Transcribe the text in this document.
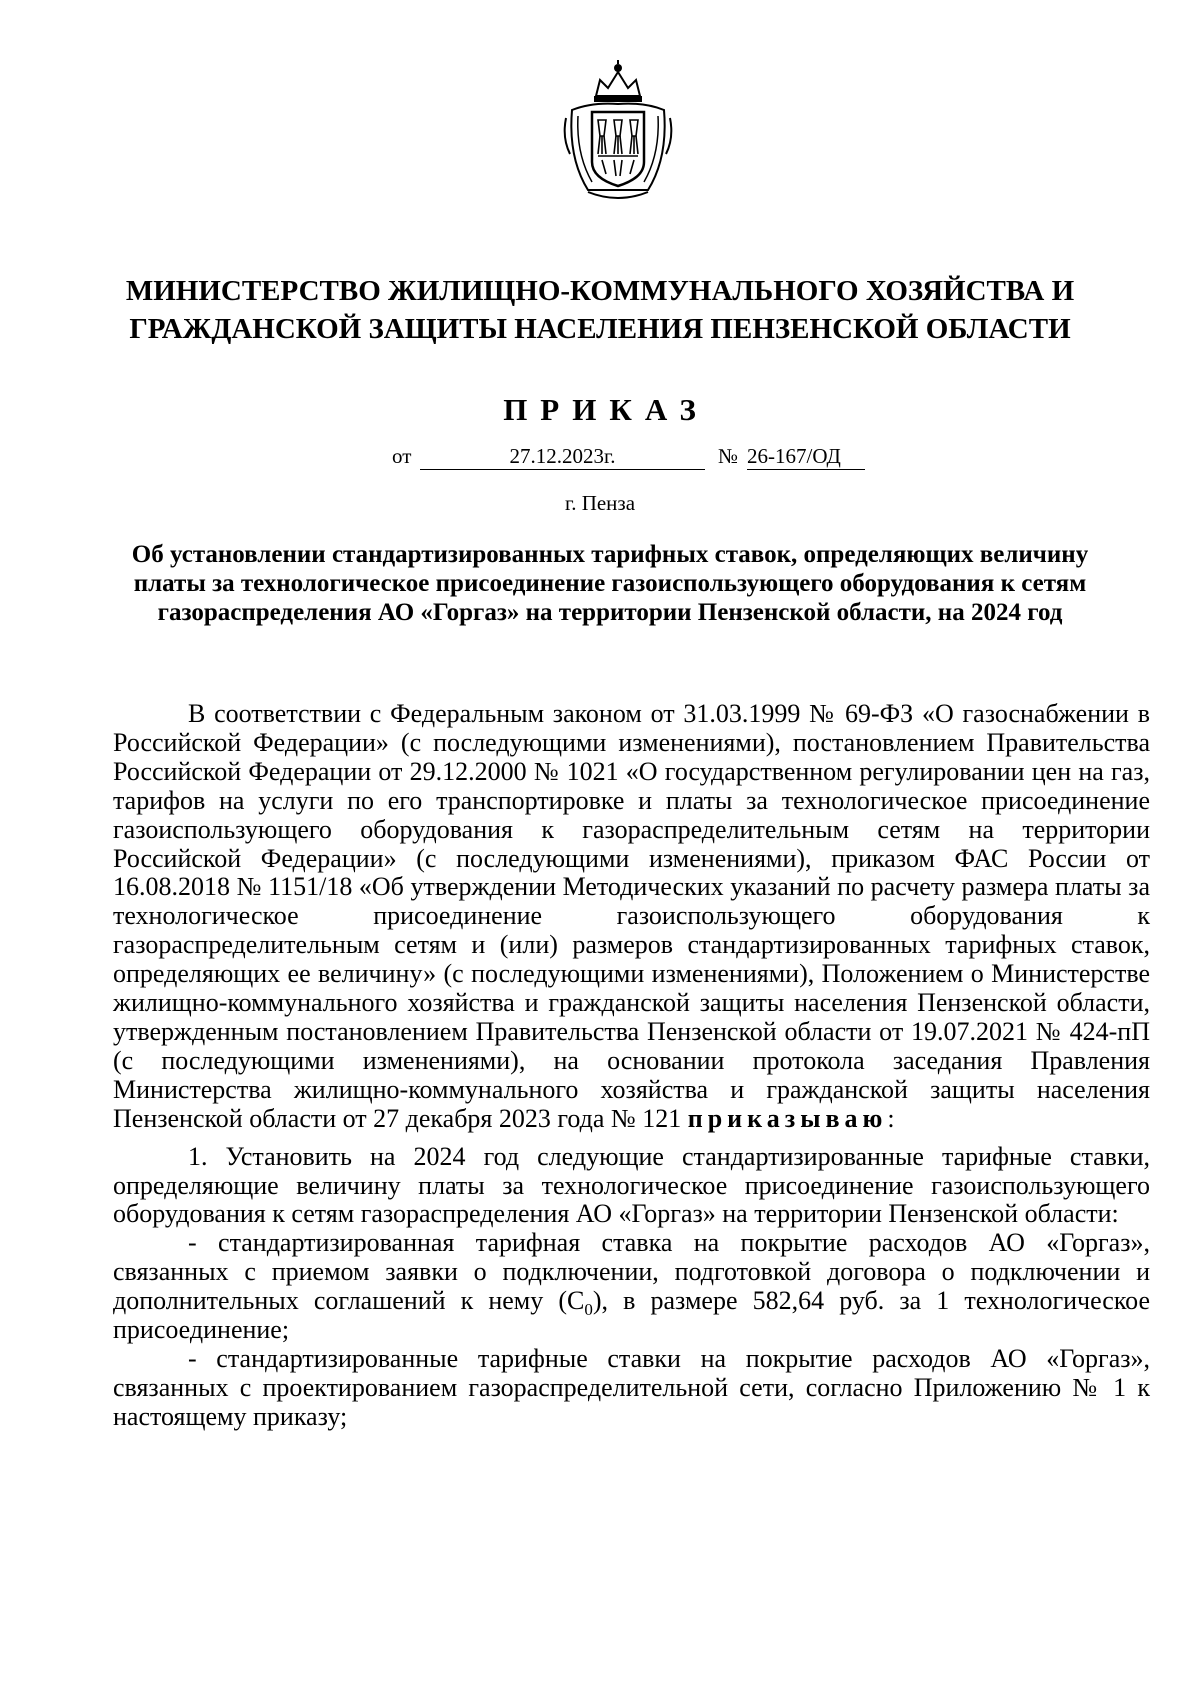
МИНИСТЕРСТВО ЖИЛИЩНО-КОММУНАЛЬНОГО ХОЗЯЙСТВА И
ГРАЖДАНСКОЙ ЗАЩИТЫ НАСЕЛЕНИЯ ПЕНЗЕНСКОЙ ОБЛАСТИ
ПРИКАЗ
от	27.12.2023г.	№ 26-167/ОД
г. Пенза
Об установлении стандартизированных тарифных ставок, определяющих величину платы за технологическое присоединение газоиспользующего оборудования к сетям газораспределения АО «Горгаз» на территории Пензенской области, на 2024 год

В соответствии с Федеральным законом от 31.03.1999 № 69-ФЗ «О газоснабжении в Российской Федерации» (с последующими изменениями), постановлением Правительства Российской Федерации от 29.12.2000 № 1021 «О государственном регулировании цен на газ, тарифов на услуги по его транспортировке и платы за технологическое присоединение газоиспользующего оборудования к газораспределительным сетям на территории Российской Федерации» (с последующими изменениями), приказом ФАС России от 16.08.2018 № 1151/18 «Об утверждении Методических указаний по расчету размера платы за технологическое присоединение газоиспользующего оборудования к газораспределительным сетям и (или) размеров стандартизированных тарифных ставок, определяющих ее величину» (с последующими изменениями), Положением о Министерстве жилищно-коммунального хозяйства и гражданской защиты населения Пензенской области, утвержденным постановлением Правительства Пензенской области от 19.07.2021 № 424-пП (с последующими изменениями), на основании протокола заседания Правления Министерства жилищно-коммунального хозяйства и гражданской защиты населения Пензенской области от 27 декабря 2023 года № 121 приказываю:

1. Установить на 2024 год следующие стандартизированные тарифные ставки, определяющие величину платы за технологическое присоединение газоиспользующего оборудования к сетям газораспределения АО «Горгаз» на территории Пензенской области:

- стандартизированная тарифная ставка на покрытие расходов АО «Горгаз», связанных с приемом заявки о подключении, подготовкой договора о подключении и дополнительных соглашений к нему $(С_0)$, в размере 582,64 руб. за 1 технологическое присоединение;

- стандартизированные тарифные ставки на покрытие расходов АО «Горгаз», связанных с проектированием газораспределительной сети, согласно Приложению № 1 к настоящему приказу;
